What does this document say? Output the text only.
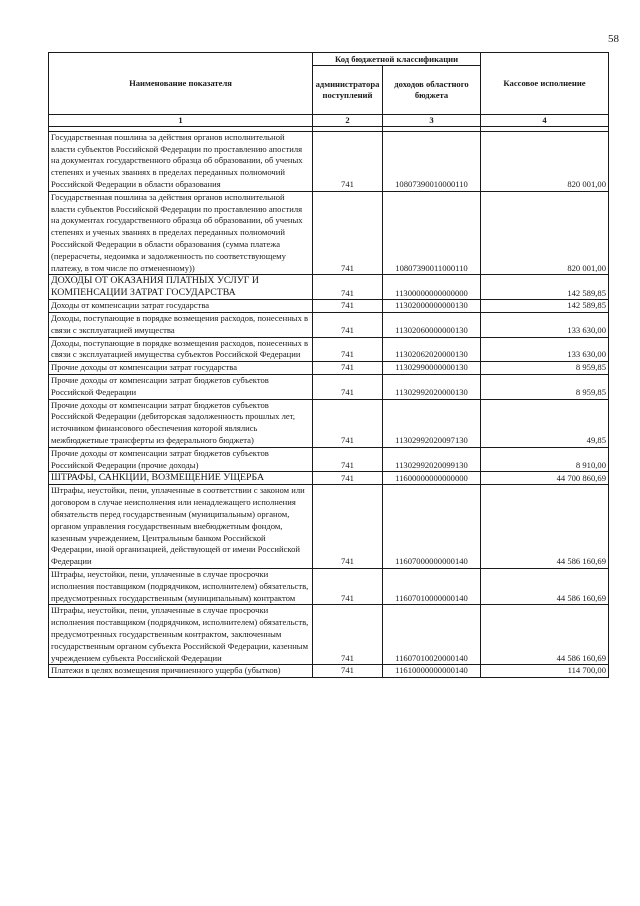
58
Наименование показателя	Код бюджетной классификации		Кассовое исполнение
	администратора поступлений	доходов областного бюджета	
1	2	3	4

Государственная пошлина за действия органов исполнительной власти субъектов Российской Федерации по проставлению апостиля на документах государственного образца об образовании, об ученых степенях и ученых званиях в пределах переданных полномочий Российской Федерации в области образования	741	10807390010000110	820 001,00
Государственная пошлина за действия органов исполнительной власти субъектов Российской Федерации по проставлению апостиля на документах государственного образца об образовании, об ученых степенях и ученых званиях в пределах переданных полномочий Российской Федерации в области образования (сумма платежа (перерасчеты, недоимка и задолженность по соответствующему платежу, в том числе по отмененному))	741	10807390011000110	820 001,00
ДОХОДЫ ОТ ОКАЗАНИЯ ПЛАТНЫХ УСЛУГ И КОМПЕНСАЦИИ ЗАТРАТ ГОСУДАРСТВА	741	11300000000000000	142 589,85
Доходы от компенсации затрат государства	741	11302000000000130	142 589,85
Доходы, поступающие в порядке возмещения расходов, понесенных в связи с эксплуатацией имущества	741	11302060000000130	133 630,00
Доходы, поступающие в порядке возмещения расходов, понесенных в связи с эксплуатацией имущества субъектов Российской Федерации	741	11302062020000130	133 630,00
Прочие доходы от компенсации затрат государства	741	11302990000000130	8 959,85
Прочие доходы от компенсации затрат бюджетов субъектов Российской Федерации	741	11302992020000130	8 959,85
Прочие доходы от компенсации затрат бюджетов субъектов Российской Федерации (дебиторская задолженность прошлых лет, источником финансового обеспечения которой являлись межбюджетные трансферты из федерального бюджета)	741	11302992020097130	49,85
Прочие доходы от компенсации затрат бюджетов субъектов Российской Федерации (прочие доходы)	741	11302992020099130	8 910,00
ШТРАФЫ, САНКЦИИ, ВОЗМЕЩЕНИЕ УЩЕРБА	741	11600000000000000	44 700 860,69
Штрафы, неустойки, пени, уплаченные в соответствии с законом или договором в случае неисполнения или ненадлежащего исполнения обязательств перед государственным (муниципальным) органом, органом управления государственным внебюджетным фондом, казенным учреждением, Центральным банком Российской Федерации, иной организацией, действующей от имени Российской Федерации	741	11607000000000140	44 586 160,69
Штрафы, неустойки, пени, уплаченные в случае просрочки исполнения поставщиком (подрядчиком, исполнителем) обязательств, предусмотренных государственным (муниципальным) контрактом	741	11607010000000140	44 586 160,69
Штрафы, неустойки, пени, уплаченные в случае просрочки исполнения поставщиком (подрядчиком, исполнителем) обязательств, предусмотренных государственным контрактом, заключенным государственным органом субъекта Российской Федерации, казенным учреждением субъекта Российской Федерации	741	11607010020000140	44 586 160,69
Платежи в целях возмещения причиненного ущерба (убытков)	741	11610000000000140	114 700,00
